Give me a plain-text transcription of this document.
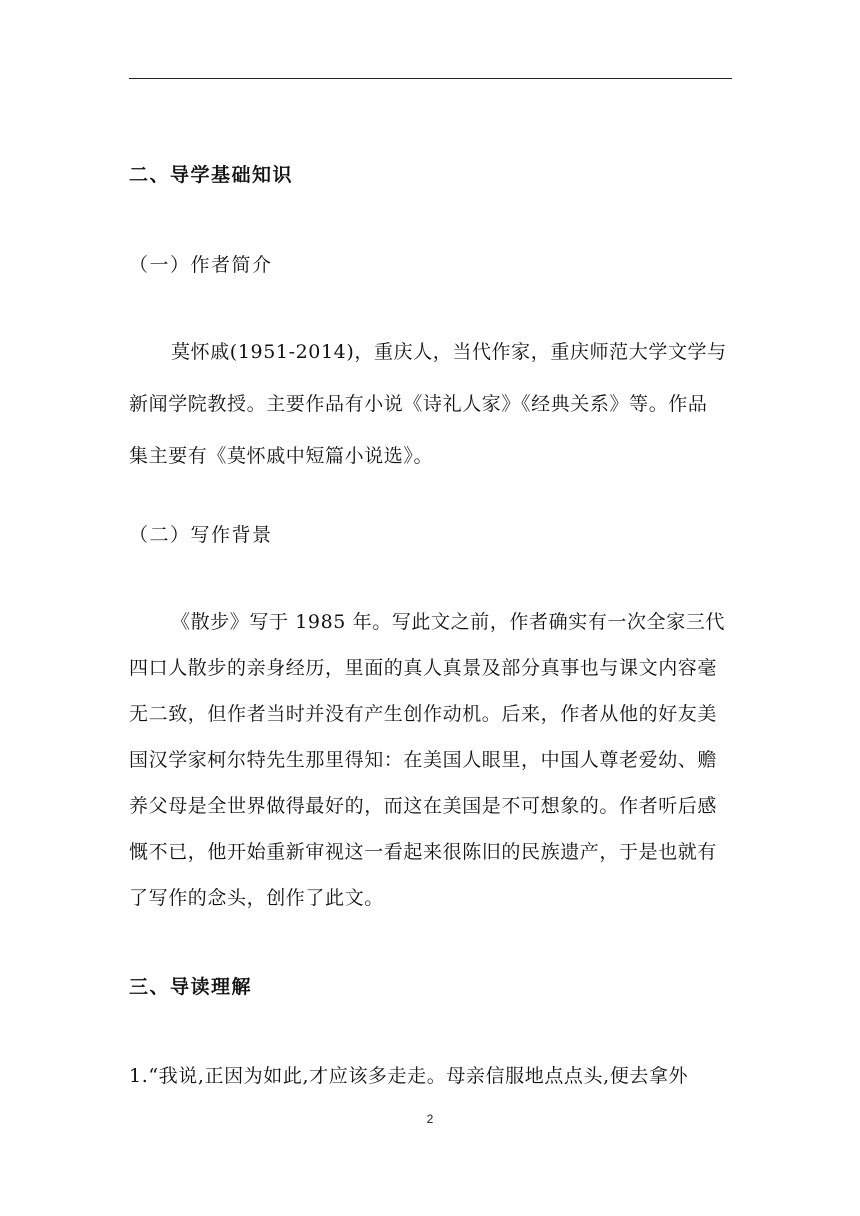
二、导学基础知识
（一）作者简介
莫怀戚(1951-2014)，重庆人，当代作家，重庆师范大学文学与
新闻学院教授。主要作品有小说《诗礼人家》《经典关系》等。作品
集主要有《莫怀戚中短篇小说选》。
（二）写作背景
《散步》写于 1985 年。写此文之前，作者确实有一次全家三代
四口人散步的亲身经历，里面的真人真景及部分真事也与课文内容毫
无二致，但作者当时并没有产生创作动机。后来，作者从他的好友美
国汉学家柯尔特先生那里得知：在美国人眼里，中国人尊老爱幼、赡
养父母是全世界做得最好的，而这在美国是不可想象的。作者听后感
慨不已，他开始重新审视这一看起来很陈旧的民族遗产，于是也就有
了写作的念头，创作了此文。
三、导读理解
1.“我说,正因为如此,才应该多走走。母亲信服地点点头,便去拿外
2
